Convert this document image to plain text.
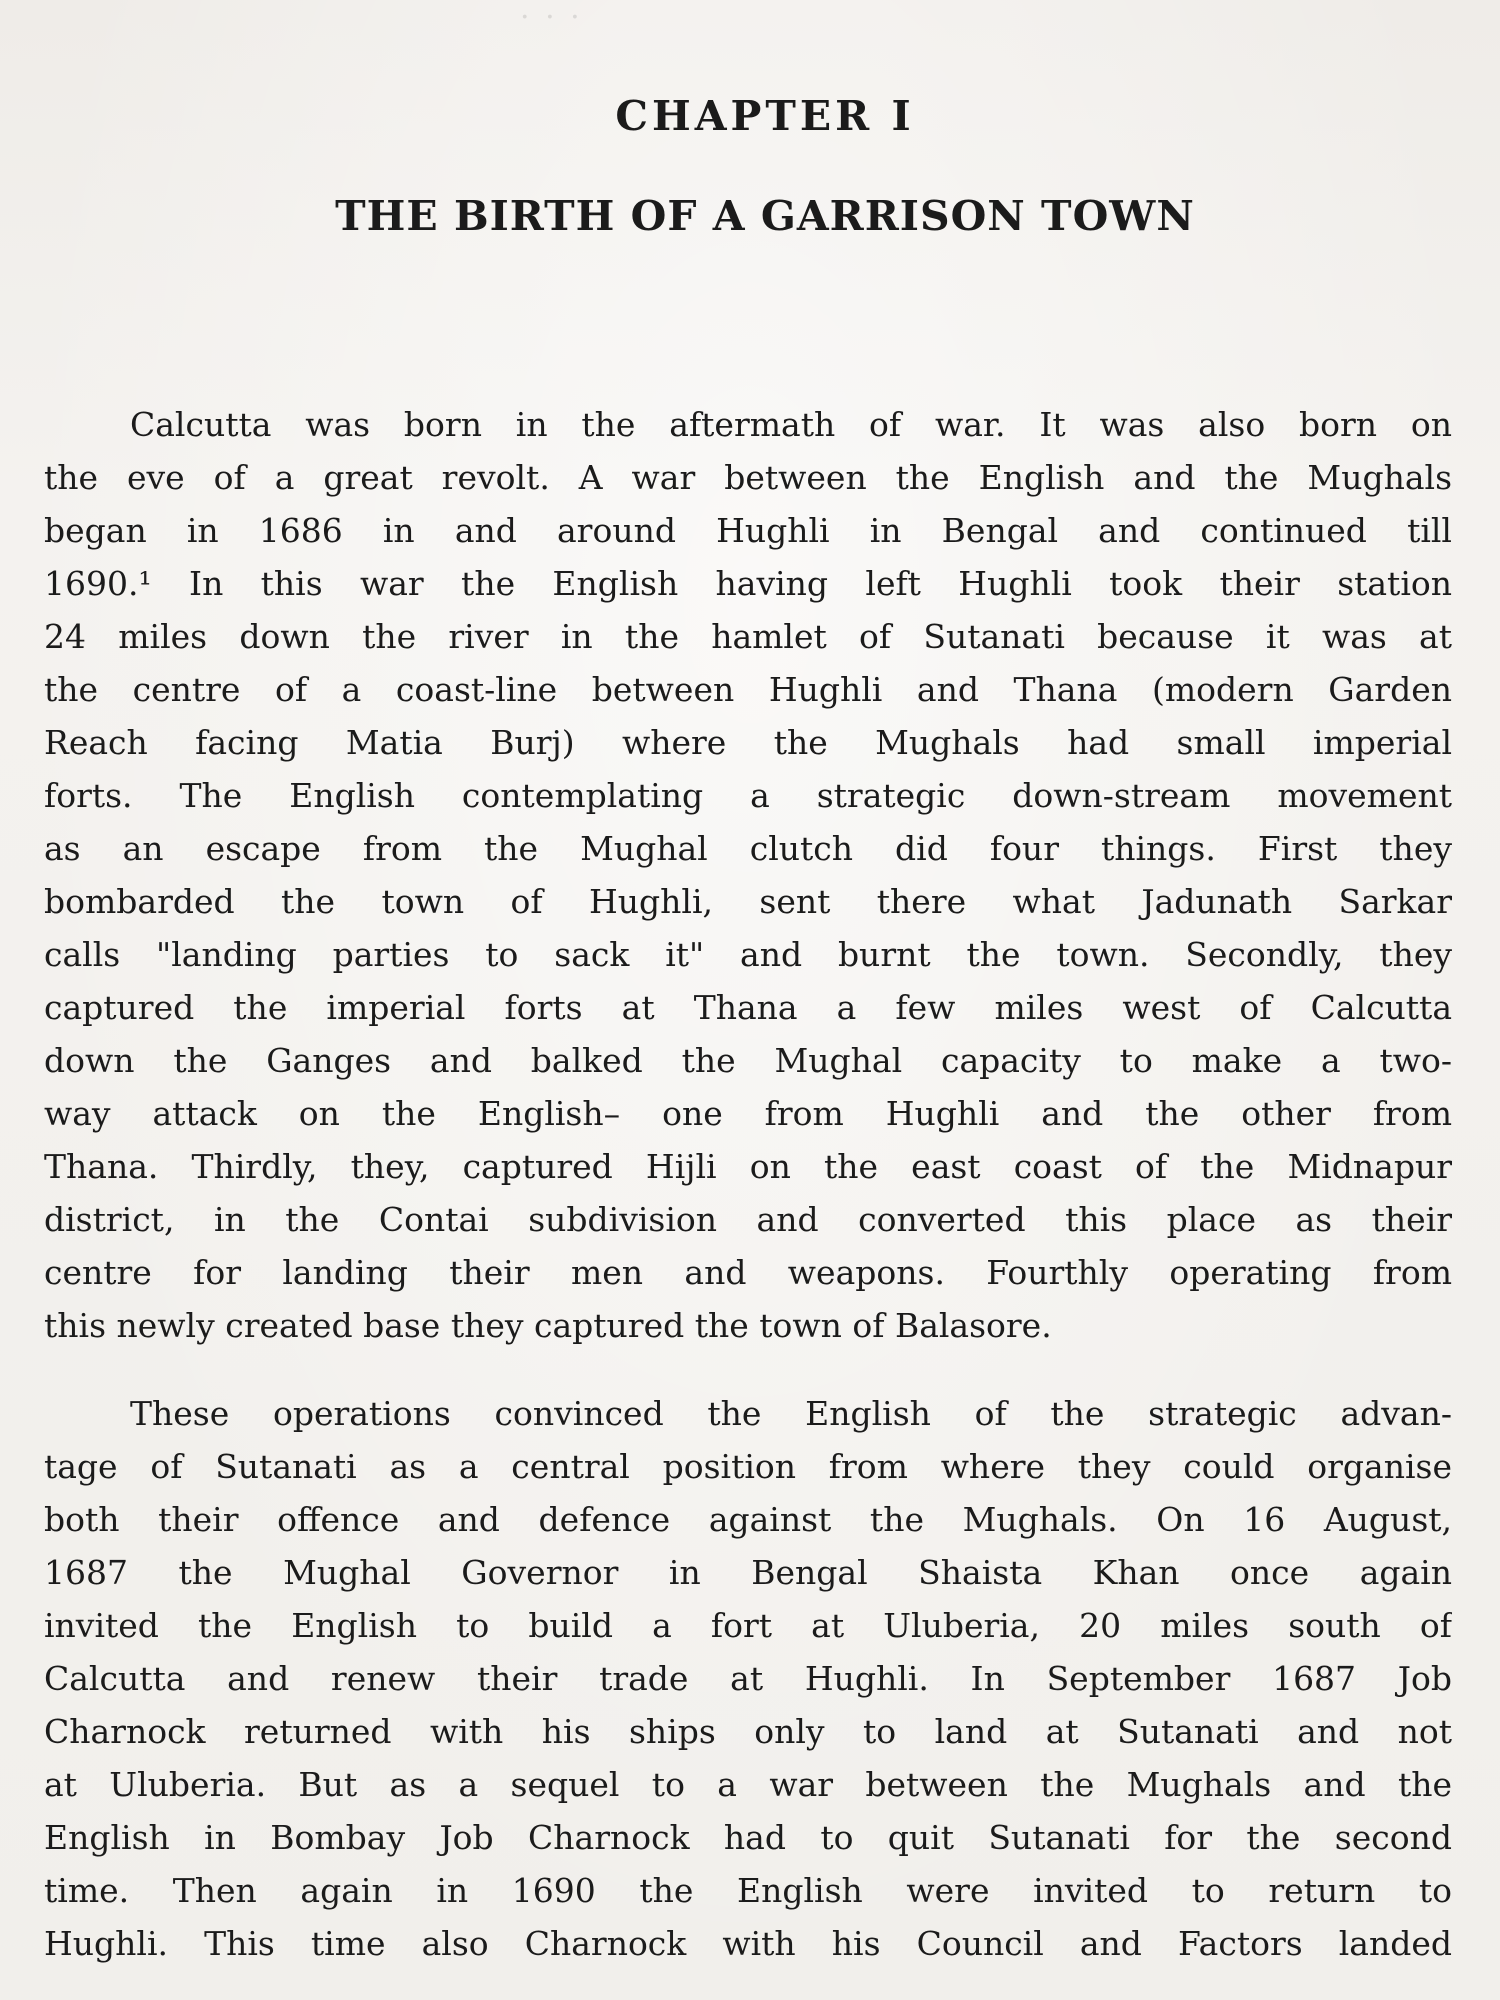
· · ·
CHAPTER I
THE BIRTH OF A GARRISON TOWN
Calcutta was born in the aftermath of war. It was also born on
the eve of a great revolt. A war between the English and the Mughals
began in 1686 in and around Hughli in Bengal and continued till
1690.¹ In this war the English having left Hughli took their station
24 miles down the river in the hamlet of Sutanati because it was at
the centre of a coast-line between Hughli and Thana (modern Garden
Reach facing Matia Burj) where the Mughals had small imperial
forts. The English contemplating a strategic down-stream movement
as an escape from the Mughal clutch did four things. First they
bombarded the town of Hughli, sent there what Jadunath Sarkar
calls "landing parties to sack it" and burnt the town. Secondly, they
captured the imperial forts at Thana a few miles west of Calcutta
down the Ganges and balked the Mughal capacity to make a two-
way attack on the English– one from Hughli and the other from
Thana. Thirdly, they, captured Hijli on the east coast of the Midnapur
district, in the Contai subdivision and converted this place as their
centre for landing their men and weapons. Fourthly operating from
this newly created base they captured the town of Balasore.
These operations convinced the English of the strategic advan-
tage of Sutanati as a central position from where they could organise
both their offence and defence against the Mughals. On 16 August,
1687 the Mughal Governor in Bengal Shaista Khan once again
invited the English to build a fort at Uluberia, 20 miles south of
Calcutta and renew their trade at Hughli. In September 1687 Job
Charnock returned with his ships only to land at Sutanati and not
at Uluberia. But as a sequel to a war between the Mughals and the
English in Bombay Job Charnock had to quit Sutanati for the second
time. Then again in 1690 the English were invited to return to
Hughli. This time also Charnock with his Council and Factors landed
